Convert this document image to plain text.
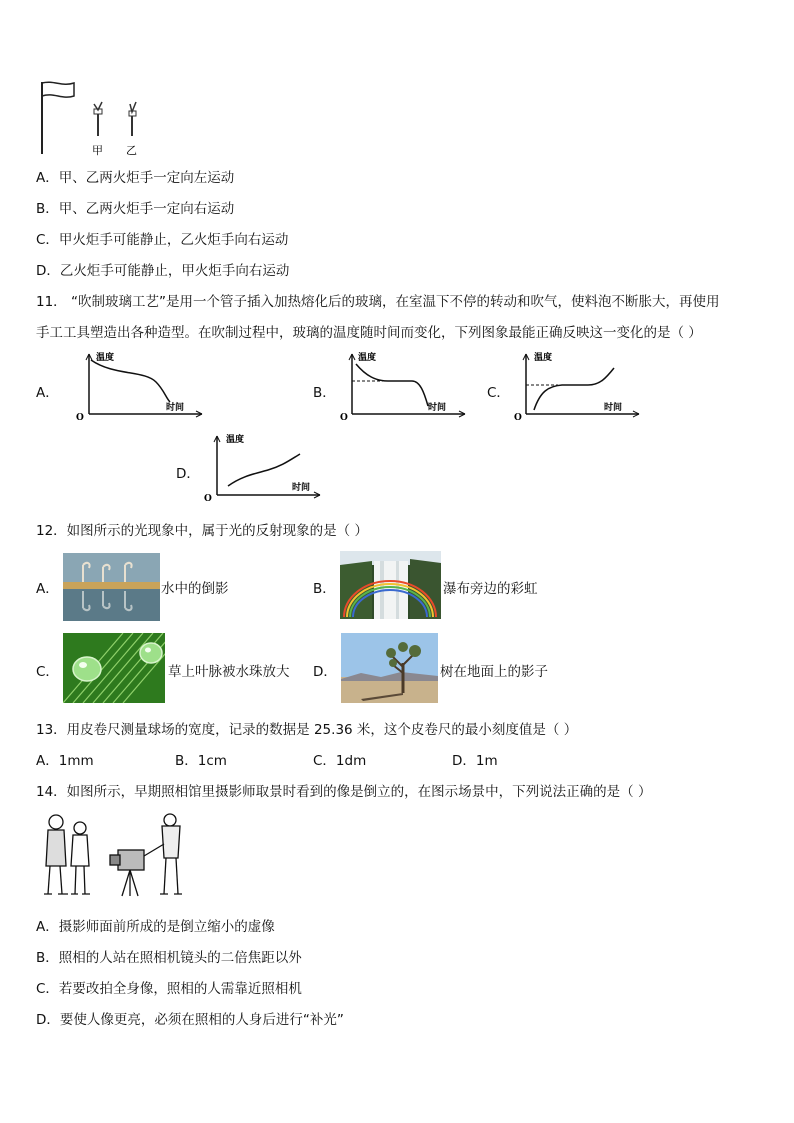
甲 乙
A．甲、乙两火炬手一定向左运动
B．甲、乙两火炬手一定向右运动
C．甲火炬手可能静止，乙火炬手向右运动
D．乙火炬手可能静止，甲火炬手向右运动
11． “吹制玻璃工艺”是用一个管子插入加热熔化后的玻璃，在室温下不停的转动和吹气，使料泡不断胀大，再使用
手工工具塑造出各种造型。在吹制过程中，玻璃的温度随时间而变化，下列图象最能正确反映这一变化的是（ ）
A．
温度
时间
O
B．
温度
时间
O
C．
温度
时间
O
D．
温度
时间
O
12．如图所示的光现象中，属于光的反射现象的是（ ）
A．	水中的倒影	B．	瀑布旁边的彩虹
C．	草上叶脉被水珠放大 D．	树在地面上的影子
13．用皮卷尺测量球场的宽度，记录的数据是 25.36 米，这个皮卷尺的最小刻度值是（ ）
A．1mm	B．1cm	C．1dm	D．1m
14．如图所示，早期照相馆里摄影师取景时看到的像是倒立的，在图示场景中，下列说法正确的是（ ）
A．摄影师面前所成的是倒立缩小的虚像
B．照相的人站在照相机镜头的二倍焦距以外
C．若要改拍全身像，照相的人需靠近照相机
D．要使人像更亮，必须在照相的人身后进行“补光”
